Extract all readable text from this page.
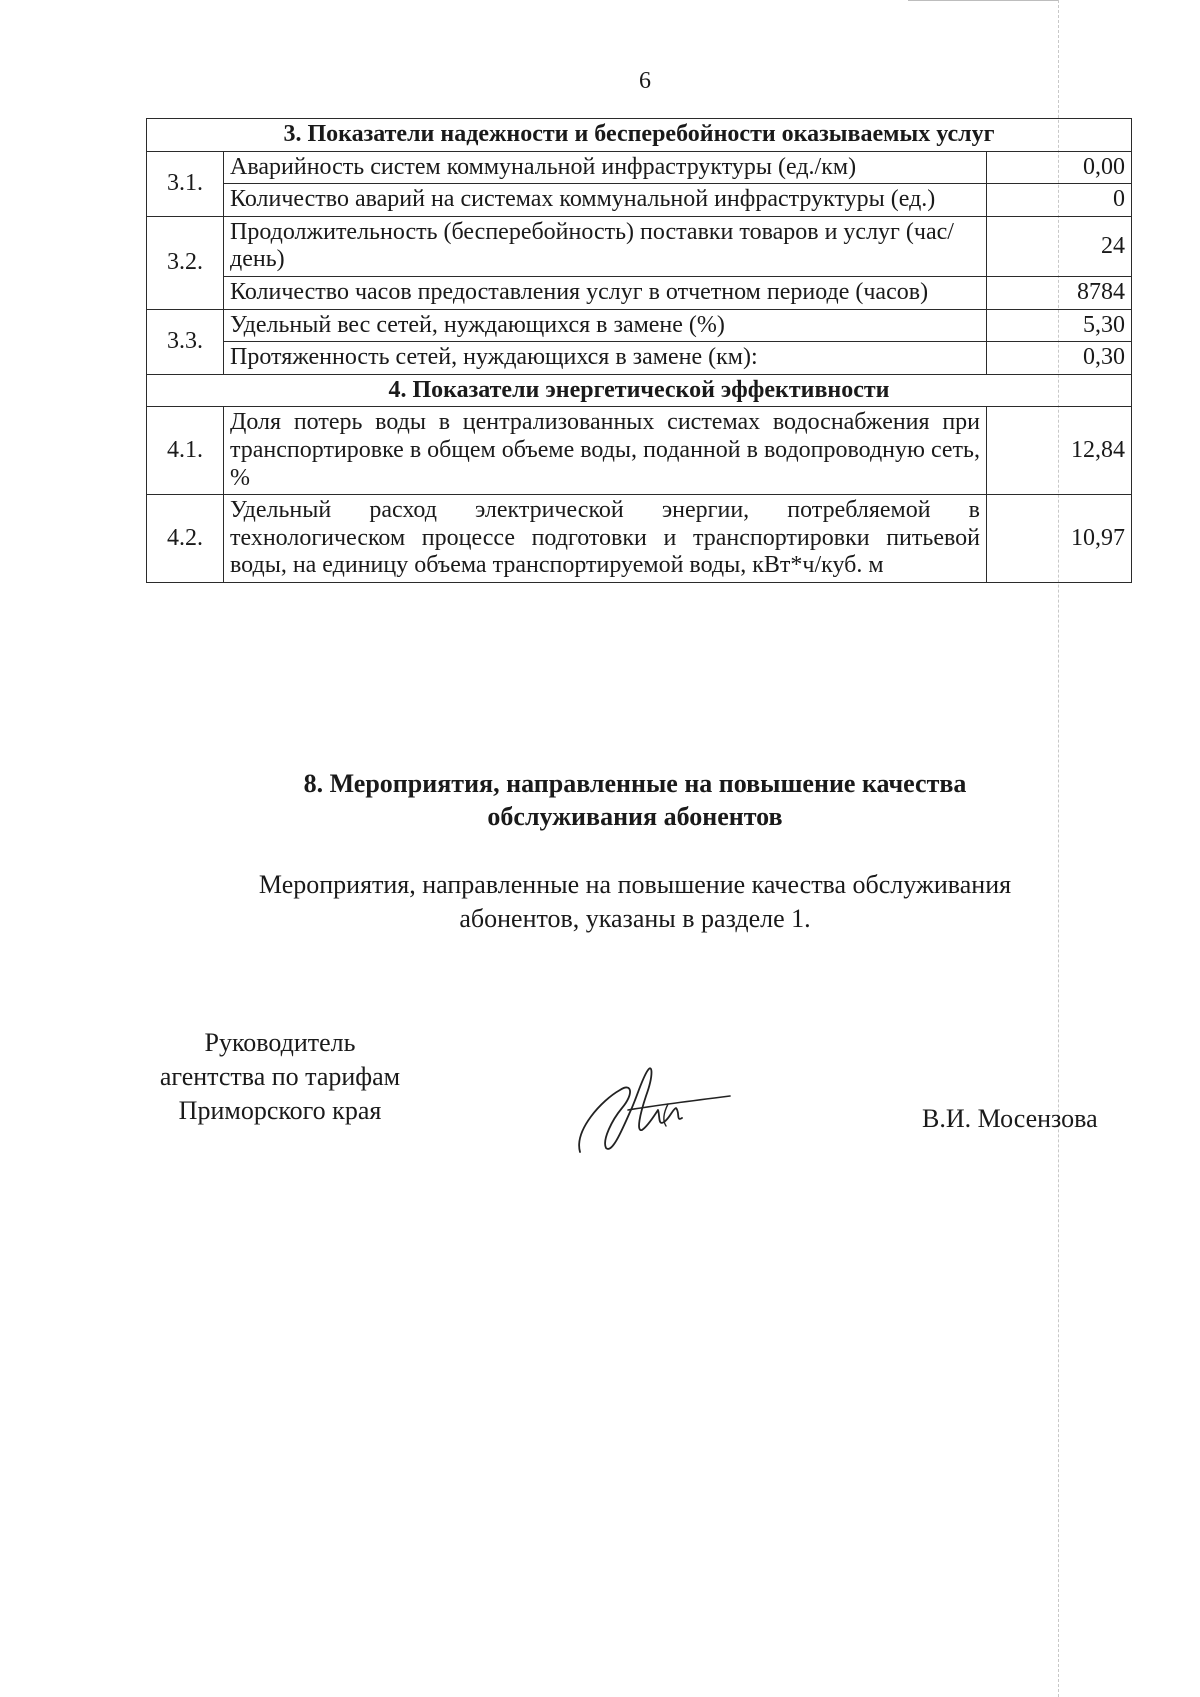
6
3. Показатели надежности и бесперебойности оказываемых услуг		
3.1.	Аварийность систем коммунальной инфраструктуры (ед./км)	0,00
	Количество аварий на системах коммунальной инфраструктуры (ед.)	0
3.2.	Продолжительность (бесперебойность) поставки товаров и услуг (час/день)	24
	Количество часов предоставления услуг в отчетном периоде (часов)	8784
3.3.	Удельный вес сетей, нуждающихся в замене (%)	5,30
	Протяженность сетей, нуждающихся в замене (км):	0,30
4. Показатели энергетической эффективности		
4.1.	Доля потерь воды в централизованных системах водоснабжения при транспортировке в общем объеме воды, поданной в водопроводную сеть, %	12,84
4.2.	Удельный расход электрической энергии, потребляемой в технологическом процессе подготовки и транспортировки питьевой воды, на единицу объема транспортируемой воды, кВт*ч/куб. м	10,97
8. Мероприятия, направленные на повышение качества
обслуживания абонентов
Мероприятия, направленные на повышение качества обслуживания
абонентов, указаны в разделе 1.
Руководитель
агентства по тарифам
Приморского края	В.И. Мосензова
